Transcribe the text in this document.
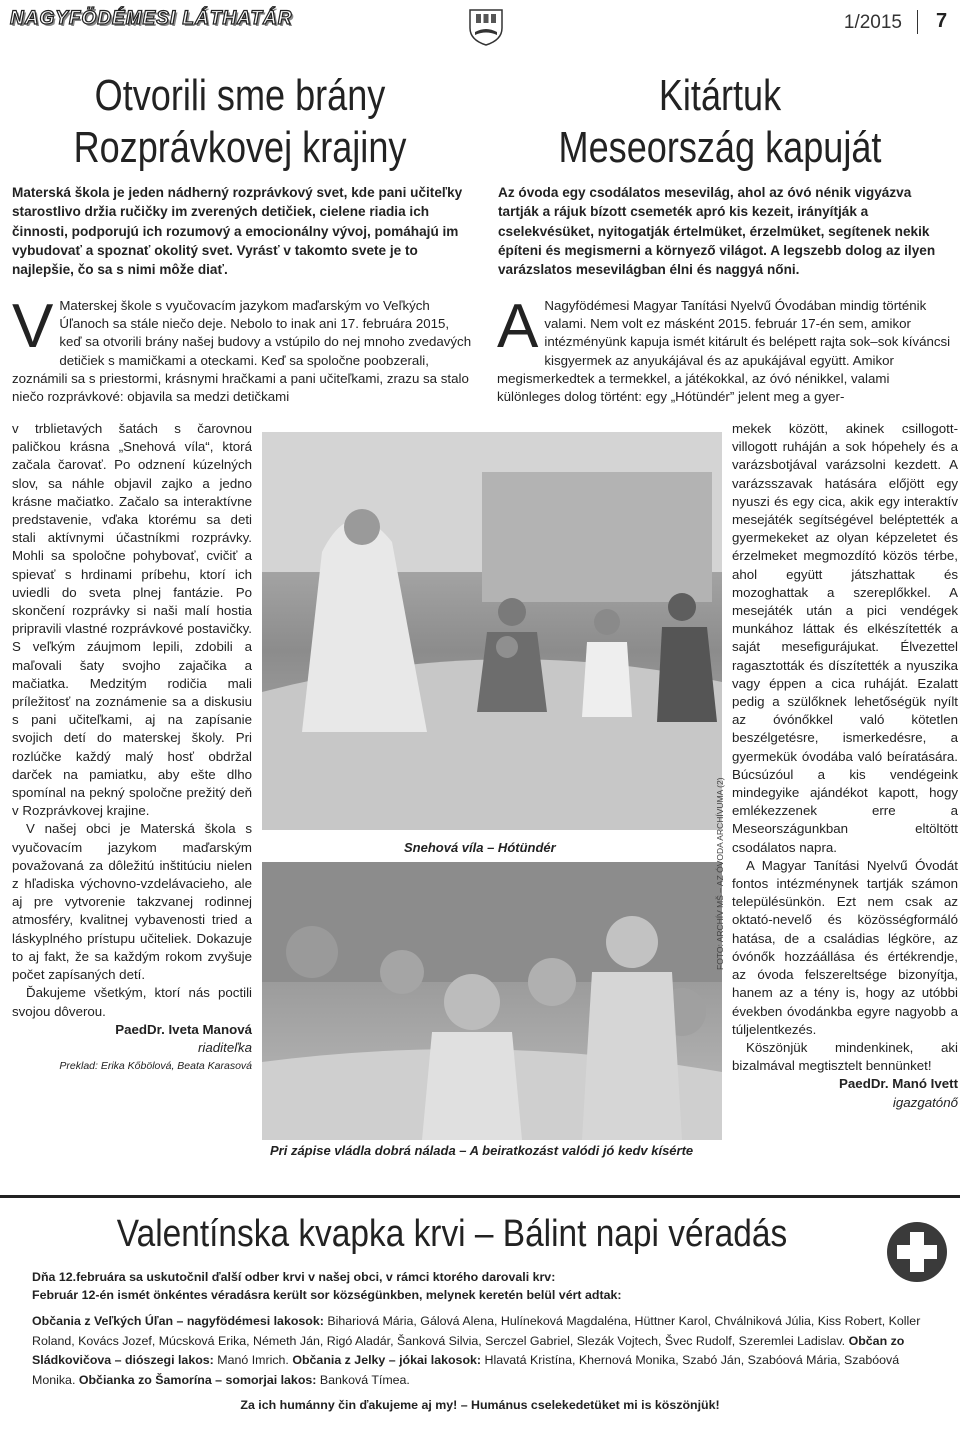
NAGYFÖDÉMESI LÁTHATÁR	1/2015 7
Otvorili sme brány
Rozprávkovej krajiny
Kitártuk
Meseország kapuját
Materská škola je jeden nádherný rozprávkový svet, kde pani učiteľky starostlivo držia ručičky im zverených detičiek, cielene riadia ich činnosti, podporujú ich rozumový a emocionálny vývoj, pomáhajú im vybudovať a spoznať okolitý svet. Vyrásť v takomto svete je to najlepšie, čo sa s nimi môže diať.
Az óvoda egy csodálatos mesevilág, ahol az óvó nénik vigyázva tartják a rájuk bízott csemeték apró kis kezeit, irányítják a cselekvésüket, nyitogatják értelmüket, érzelmüket, segítenek nekik építeni és megismerni a környező világot. A legszebb dolog az ilyen varázslatos mesevilágban élni és naggyá nőni.
V Materskej škole s vyučovacím jazykom maďarským vo Veľkých Úľanoch sa stále niečo deje. Nebolo to inak ani 17. februára 2015, keď sa otvorili brány našej budovy a vstúpilo do nej mnoho zvedavých detičiek s mamičkami a oteckami. Keď sa spoločne poobzerali, zoznámili sa s priestormi, krásnymi hračkami a pani učiteľkami, zrazu sa stalo niečo rozprávkové: objavila sa medzi detičkami

v trblietavých šatách s čarovnou paličkou krásna „Snehová víla“, ktorá začala čarovať. Po odznení kúzelných slov, sa náhle objavil zajko a jedno krásne mačiatko. Začalo sa interaktívne predstavenie, vďaka ktorému sa deti stali aktívnymi účastníkmi rozprávky. Mohli sa spoločne pohybovať, cvičiť a spievať s hrdinami príbehu, ktorí ich uviedli do sveta plnej fantázie. Po skončení rozprávky si naši malí hostia pripravili vlastné rozprávkové postavičky. S veľkým záujmom lepili, zdobili a maľovali šaty svojho zajačika a mačiatka. Medzitým rodičia mali príležitosť na zoznámenie sa a diskusiu s pani učiteľkami, aj na zapísanie svojich detí do materskej školy. Pri rozlúčke každý malý hosť obdržal darček na pamiatku, aby ešte dlho spomínal na pekný spoločne prežitý deň v Rozprávkovej krajine.

V našej obci je Materská škola s vyučovacím jazykom maďarským považovaná za dôležitú inštitúciu nielen z hľadiska výchovno-vzdelávacieho, ale aj pre vytvorenie takzvanej rodinnej atmosféry, kvalitnej vybavenosti tried a láskyplného prístupu učiteliek. Dokazuje to aj fakt, že sa každým rokom zvyšuje počet zapísaných detí.

Ďakujeme všetkým, ktorí nás poctili svojou dôverou.

PaedDr. Iveta Manová

riaditeľka

Preklad: Erika Kőbölová, Beata Karasová

A Nagyfödémesi Magyar Tanítási Nyelvű Óvodában mindig történik valami. Nem volt ez másként 2015. február 17-én sem, amikor intézményünk kapuja ismét kitárult és belépett rajta sok–sok kíváncsi kisgyermek az anyukájával és az apukájával együtt. Amikor megismerkedtek a termekkel, a játékokkal, az óvó nénikkel, valami különleges dolog történt: egy „Hótündér” jelent meg a gyer-

mekek között, akinek csillogott-villogott ruháján a sok hópehely és a varázsbotjával varázsolni kezdett. A varázsszavak hatására előjött egy nyuszi és egy cica, akik egy interaktív mesejáték segítségével beléptették a gyermekeket az olyan képzeletet és érzelmeket megmozdító közös térbe, ahol együtt játszhattak és mozoghattak a szereplőkkel. A mesejáték után a pici vendégek munkához láttak és elkészítették a saját mesefigurájukat. Élvezettel ragasztották és díszítették a nyuszika vagy éppen a cica ruháját. Ezalatt pedig a szülőknek lehetőségük nyílt az óvónőkkel való kötetlen beszélgetésre, ismerkedésre, a gyermekük óvodába való beíratására. Búcsúzóul a kis vendégeink mindegyike ajándékot kapott, hogy emlékezzenek erre a Meseországunkban eltöltött csodálatos napra.

A Magyar Tanítási Nyelvű Óvodát fontos intézménynek tartják számon településünkön. Ezt nem csak az oktató-nevelő és közösségformáló hatása, de a családias légköre, az óvónők hozzáállása és értékrendje, az óvoda felszereltsége bizonyítja, hanem az a tény is, hogy az utóbbi években óvodánkba egyre nagyobb a túljelentkezés.

Köszönjük mindenkinek, aki bizalmával megtisztelt bennünket!

PaedDr. Manó Ivett

igazgatónő

Snehová víla – Hótündér
Pri zápise vládla dobrá nálada – A beiratkozást valódi jó kedv kísérte
FOTO: ARCHÍV MŠ – AZ ÓVODA ARCHÍVUMA (2)
Valentínska kvapka krvi – Bálint napi véradás
Dňa 12.februára sa uskutočnil ďalší odber krvi v našej obci, v rámci ktorého darovali krv:
Február 12-én ismét önkéntes véradásra került sor községünkben, melynek keretén belül vért adtak:
Občania z Veľkých Úľan – nagyfödémesi lakosok: Bihariová Mária, Gálová Alena, Hulíneková Magdaléna, Hüttner Karol, Chválniková Júlia, Kiss Robert, Koller Roland, Kovács Jozef, Múcsková Erika, Németh Ján, Rigó Aladár, Šanková Silvia, Serczel Gabriel, Slezák Vojtech, Švec Rudolf, Szeremlei Ladislav. Občan zo Sládkovičova – diószegi lakos: Manó Imrich. Občania z Jelky – jókai lakosok: Hlavatá Kristína, Khernová Monika, Szabó Ján, Szabóová Mária, Szabóová Monika. Občianka zo Šamorína – somorjai lakos: Banková Tímea.
Za ich humánny čin ďakujeme aj my! – Humánus cselekedetüket mi is köszönjük!
